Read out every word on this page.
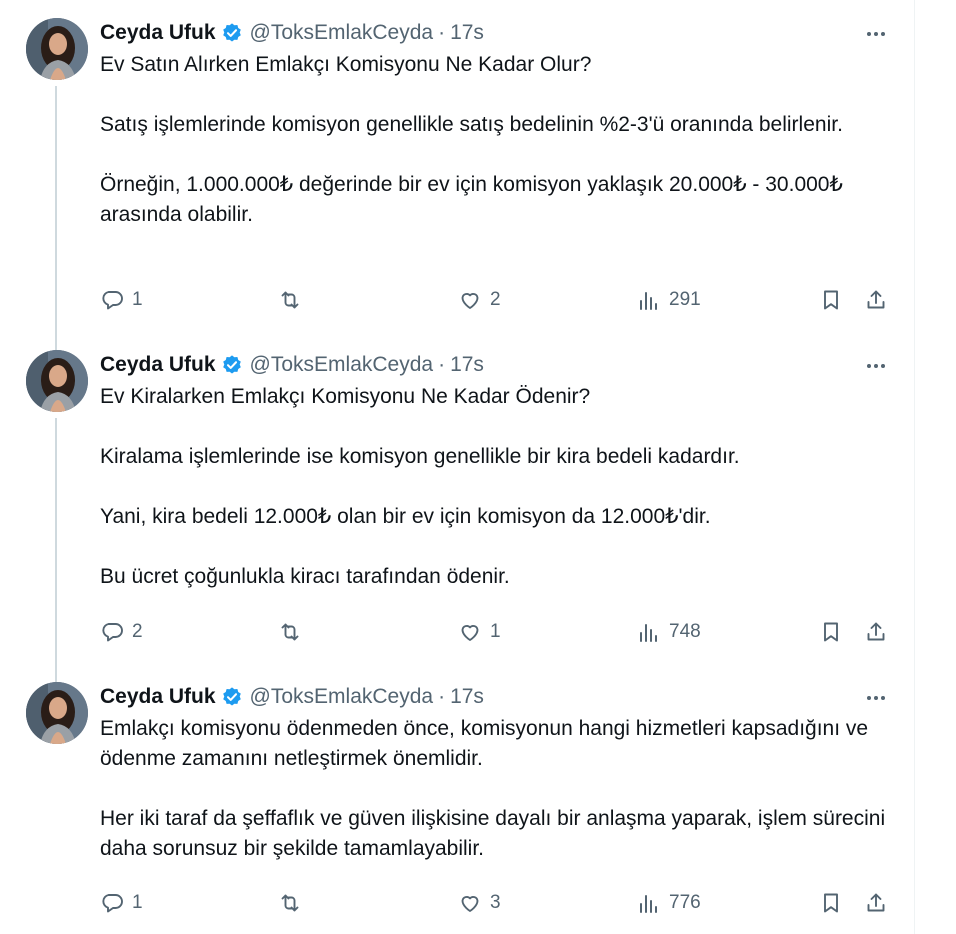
Ceyda Ufuk @ToksEmlakCeyda · 17s

Ev Satın Alırken Emlakçı Komisyonu Ne Kadar Olur?

Satış işlemlerinde komisyon genellikle satış bedelinin %2-3'ü oranında belirlenir.

Örneğin, 1.000.000₺ değerinde bir ev için komisyon yaklaşık 20.000₺ - 30.000₺ arasında olabilir.

1	2	291
Ceyda Ufuk @ToksEmlakCeyda · 17s

Ev Kiralarken Emlakçı Komisyonu Ne Kadar Ödenir?

Kiralama işlemlerinde ise komisyon genellikle bir kira bedeli kadardır.

Yani, kira bedeli 12.000₺ olan bir ev için komisyon da 12.000₺'dir.

Bu ücret çoğunlukla kiracı tarafından ödenir.

2	1	748
Ceyda Ufuk @ToksEmlakCeyda · 17s

Emlakçı komisyonu ödenmeden önce, komisyonun hangi hizmetleri kapsadığını ve ödenme zamanını netleştirmek önemlidir.

Her iki taraf da şeffaflık ve güven ilişkisine dayalı bir anlaşma yaparak, işlem sürecini daha sorunsuz bir şekilde tamamlayabilir.

1	3	776
